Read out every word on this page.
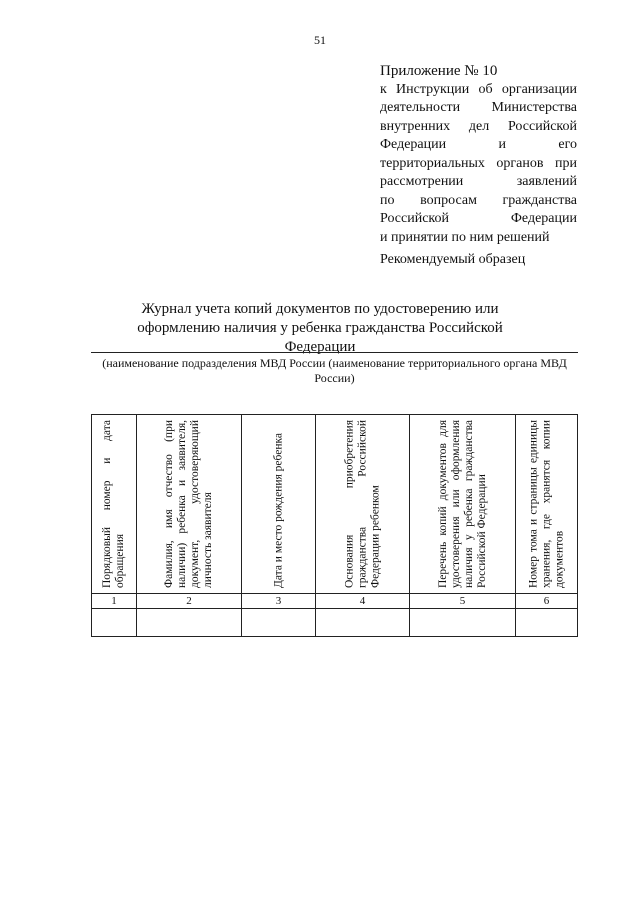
51
Приложение № 10
к Инструкции об организации
деятельности Министерства
внутренних дел Российской
Федерации и его
территориальных органов при
рассмотрении заявлений
по вопросам гражданства
Российской Федерации
и принятии по ним решений
Рекомендуемый образец
Журнал учета копий документов по удостоверению или оформлению наличия у ребенка гражданства Российской Федерации
(наименование подразделения МВД России (наименование территориального органа МВД России)
Порядковый номер и дата обращения	Фамилия, имя отчество (при наличии) ребенка и заявителя, документ, удостоверяющий личность заявителя	Дата и место рождения ребенка	Основания приобретения гражданства Российской Федерации ребенком	Перечень копий документов для удостоверения или оформления наличия у ребенка гражданства Российской Федерации	Номер тома и страницы единицы хранения, где хранятся копии документов

1	2	3	4	5	6
